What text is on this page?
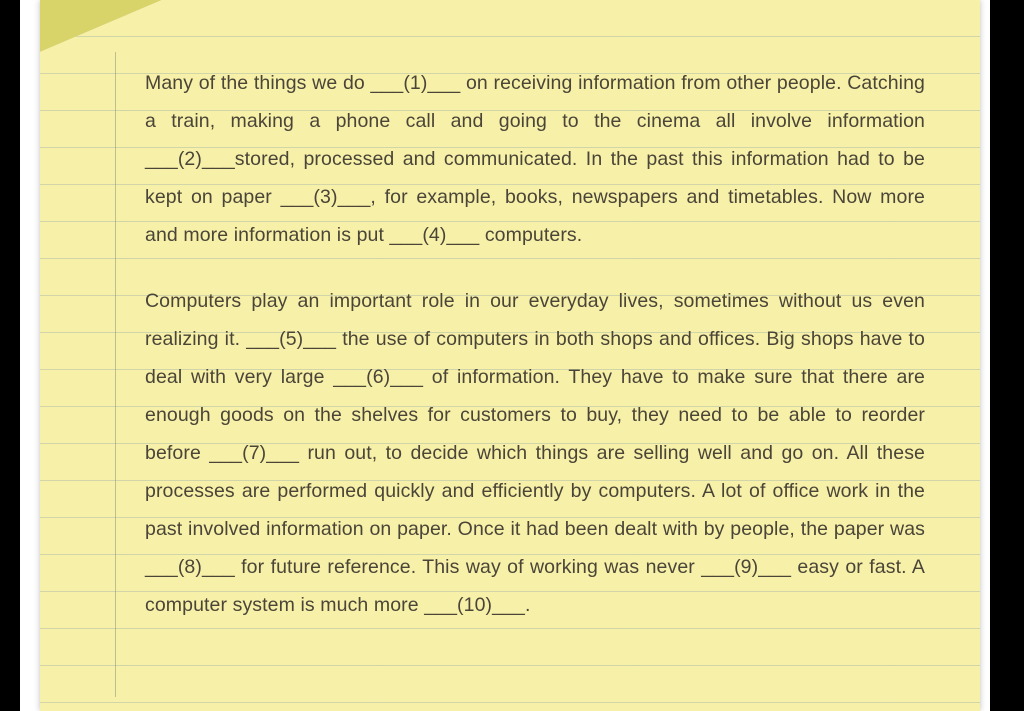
Many of the things we do ___(1)___ on receiving information from other people. Catching a train, making a phone call and going to the cinema all involve information ___(2)___stored, processed and communicated. In the past this information had to be kept on paper ___(3)___, for example, books, newspapers and timetables. Now more and more information is put ___(4)___ computers.

Computers play an important role in our everyday lives, sometimes without us even realizing it. ___(5)___ the use of computers in both shops and offices. Big shops have to deal with very large ___(6)___ of information. They have to make sure that there are enough goods on the shelves for customers to buy, they need to be able to reorder before ___(7)___ run out, to decide which things are selling well and go on. All these processes are performed quickly and efficiently by computers. A lot of office work in the past involved information on paper. Once it had been dealt with by people, the paper was ___(8)___ for future reference. This way of working was never ___(9)___ easy or fast. A computer system is much more ___(10)___.
